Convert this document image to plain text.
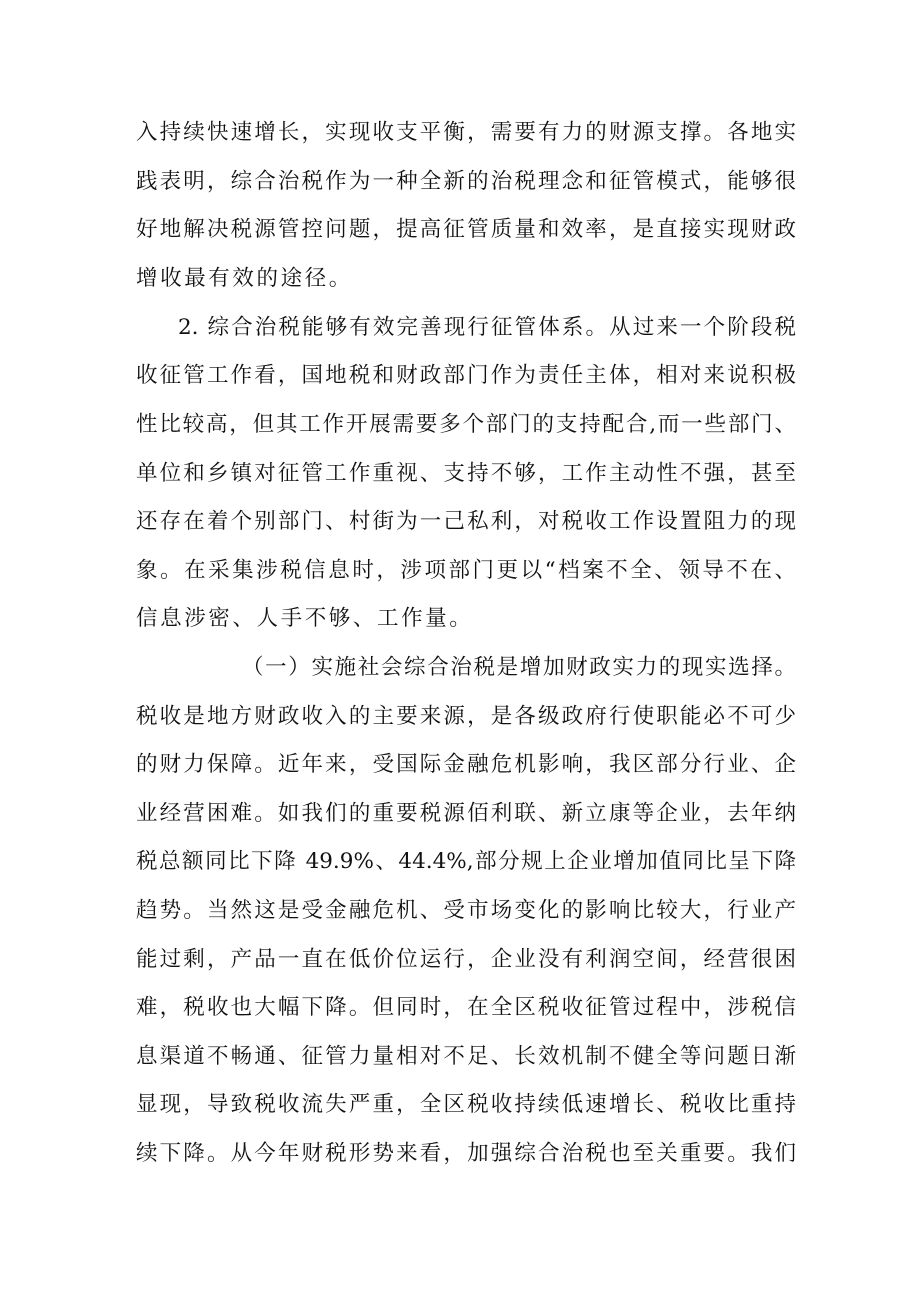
入持续快速增长，实现收支平衡，需要有力的财源支撑。各地实
践表明，综合治税作为一种全新的治税理念和征管模式，能够很
好地解决税源管控问题，提高征管质量和效率，是直接实现财政
增收最有效的途径。
2. 综合治税能够有效完善现行征管体系。从过来一个阶段税
收征管工作看，国地税和财政部门作为责任主体，相对来说积极
性比较高，但其工作开展需要多个部门的支持配合,而一些部门、
单位和乡镇对征管工作重视、支持不够，工作主动性不强，甚至
还存在着个别部门、村街为一己私利，对税收工作设置阻力的现
象。在采集涉税信息时，涉项部门更以“档案不全、领导不在、
信息涉密、人手不够、工作量。
（一）实施社会综合治税是增加财政实力的现实选择。
税收是地方财政收入的主要来源，是各级政府行使职能必不可少
的财力保障。近年来，受国际金融危机影响，我区部分行业、企
业经营困难。如我们的重要税源佰利联、新立康等企业，去年纳
税总额同比下降 49.9%、44.4%,部分规上企业增加值同比呈下降
趋势。当然这是受金融危机、受市场变化的影响比较大，行业产
能过剩，产品一直在低价位运行，企业没有利润空间，经营很困
难，税收也大幅下降。但同时，在全区税收征管过程中，涉税信
息渠道不畅通、征管力量相对不足、长效机制不健全等问题日渐
显现，导致税收流失严重，全区税收持续低速增长、税收比重持
续下降。从今年财税形势来看，加强综合治税也至关重要。我们
